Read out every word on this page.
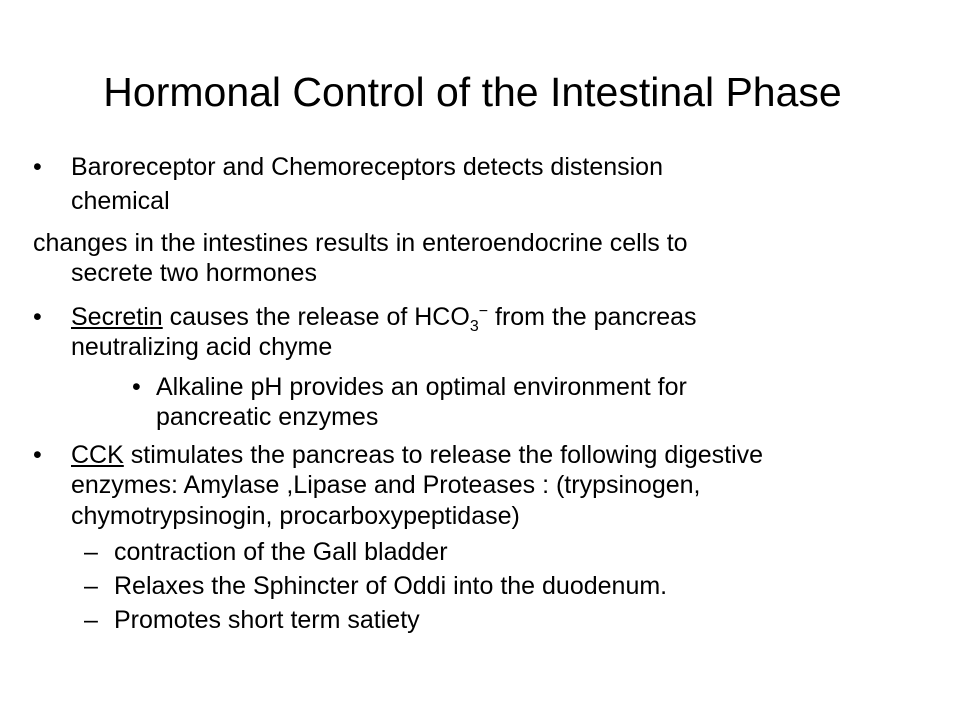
Hormonal Control of the Intestinal Phase
• Baroreceptor and Chemoreceptors detects distension
chemical
changes in the intestines results in enteroendocrine cells to
secrete two hormones
• Secretin causes the release of $HCO_3^-$ from the pancreas
neutralizing acid chyme
• Alkaline pH provides an optimal environment for
pancreatic enzymes
• CCK stimulates the pancreas to release the following digestive
enzymes: Amylase ,Lipase and Proteases : (trypsinogen,
chymotrypsinogin, procarboxypeptidase)
– contraction of the Gall bladder
– Relaxes the Sphincter of Oddi into the duodenum.
– Promotes short term satiety
